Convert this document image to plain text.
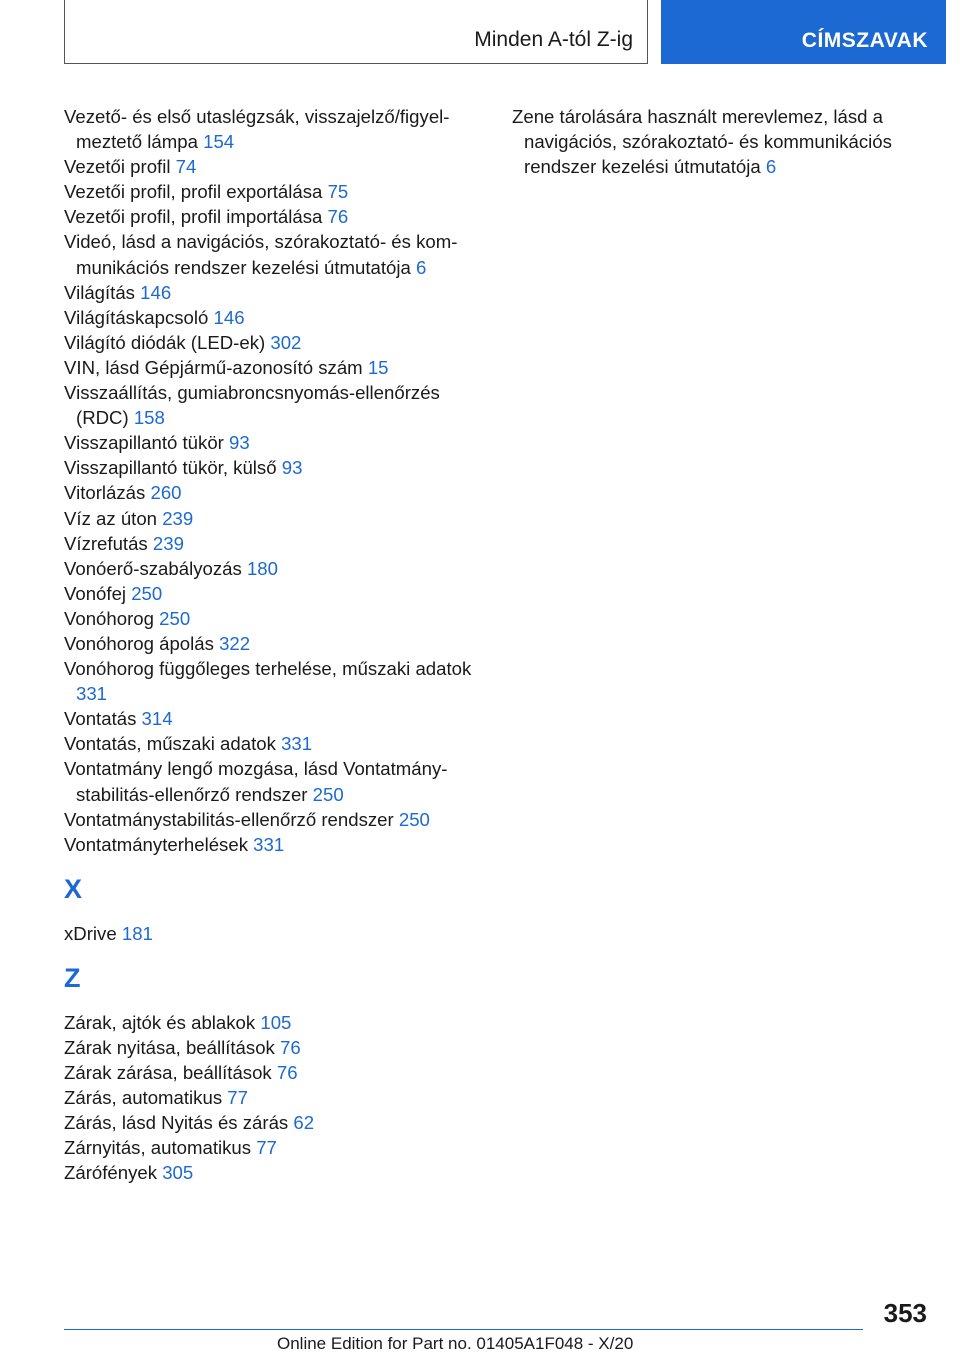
Minden A-tól Z-ig	CÍMSZAVAK
Vezető- és első utaslégzsák, visszajelző/figyelmeztető lámpa 154
Vezetői profil 74
Vezetői profil, profil exportálása 75
Vezetői profil, profil importálása 76
Videó, lásd a navigációs, szórakoztató- és kommunikációs rendszer kezelési útmutatója 6
Világítás 146
Világításkapcsoló 146
Világító diódák (LED-ek) 302
VIN, lásd Gépjármű-azonosító szám 15
Visszaállítás, gumiabroncsnyomás-ellenőrzés (RDC) 158
Visszapillantó tükör 93
Visszapillantó tükör, külső 93
Vitorlázás 260
Víz az úton 239
Vízrefutás 239
Vonóerő-szabályozás 180
Vonófej 250
Vonóhorog 250
Vonóhorog ápolás 322
Vonóhorog függőleges terhelése, műszaki adatok 331
Vontatás 314
Vontatás, műszaki adatok 331
Vontatmány lengő mozgása, lásd Vontatmánystabilitás-ellenőrző rendszer 250
Vontatmánystabilitás-ellenőrző rendszer 250
Vontatmányterhelések 331
X
xDrive 181
Z
Zárak, ajtók és ablakok 105
Zárak nyitása, beállítások 76
Zárak zárása, beállítások 76
Zárás, automatikus 77
Zárás, lásd Nyitás és zárás 62
Zárnyitás, automatikus 77
Zárófények 305
Zene tárolására használt merevlemez, lásd a navigációs, szórakoztató- és kommunikációs rendszer kezelési útmutatója 6
353
Online Edition for Part no. 01405A1F048 - X/20
